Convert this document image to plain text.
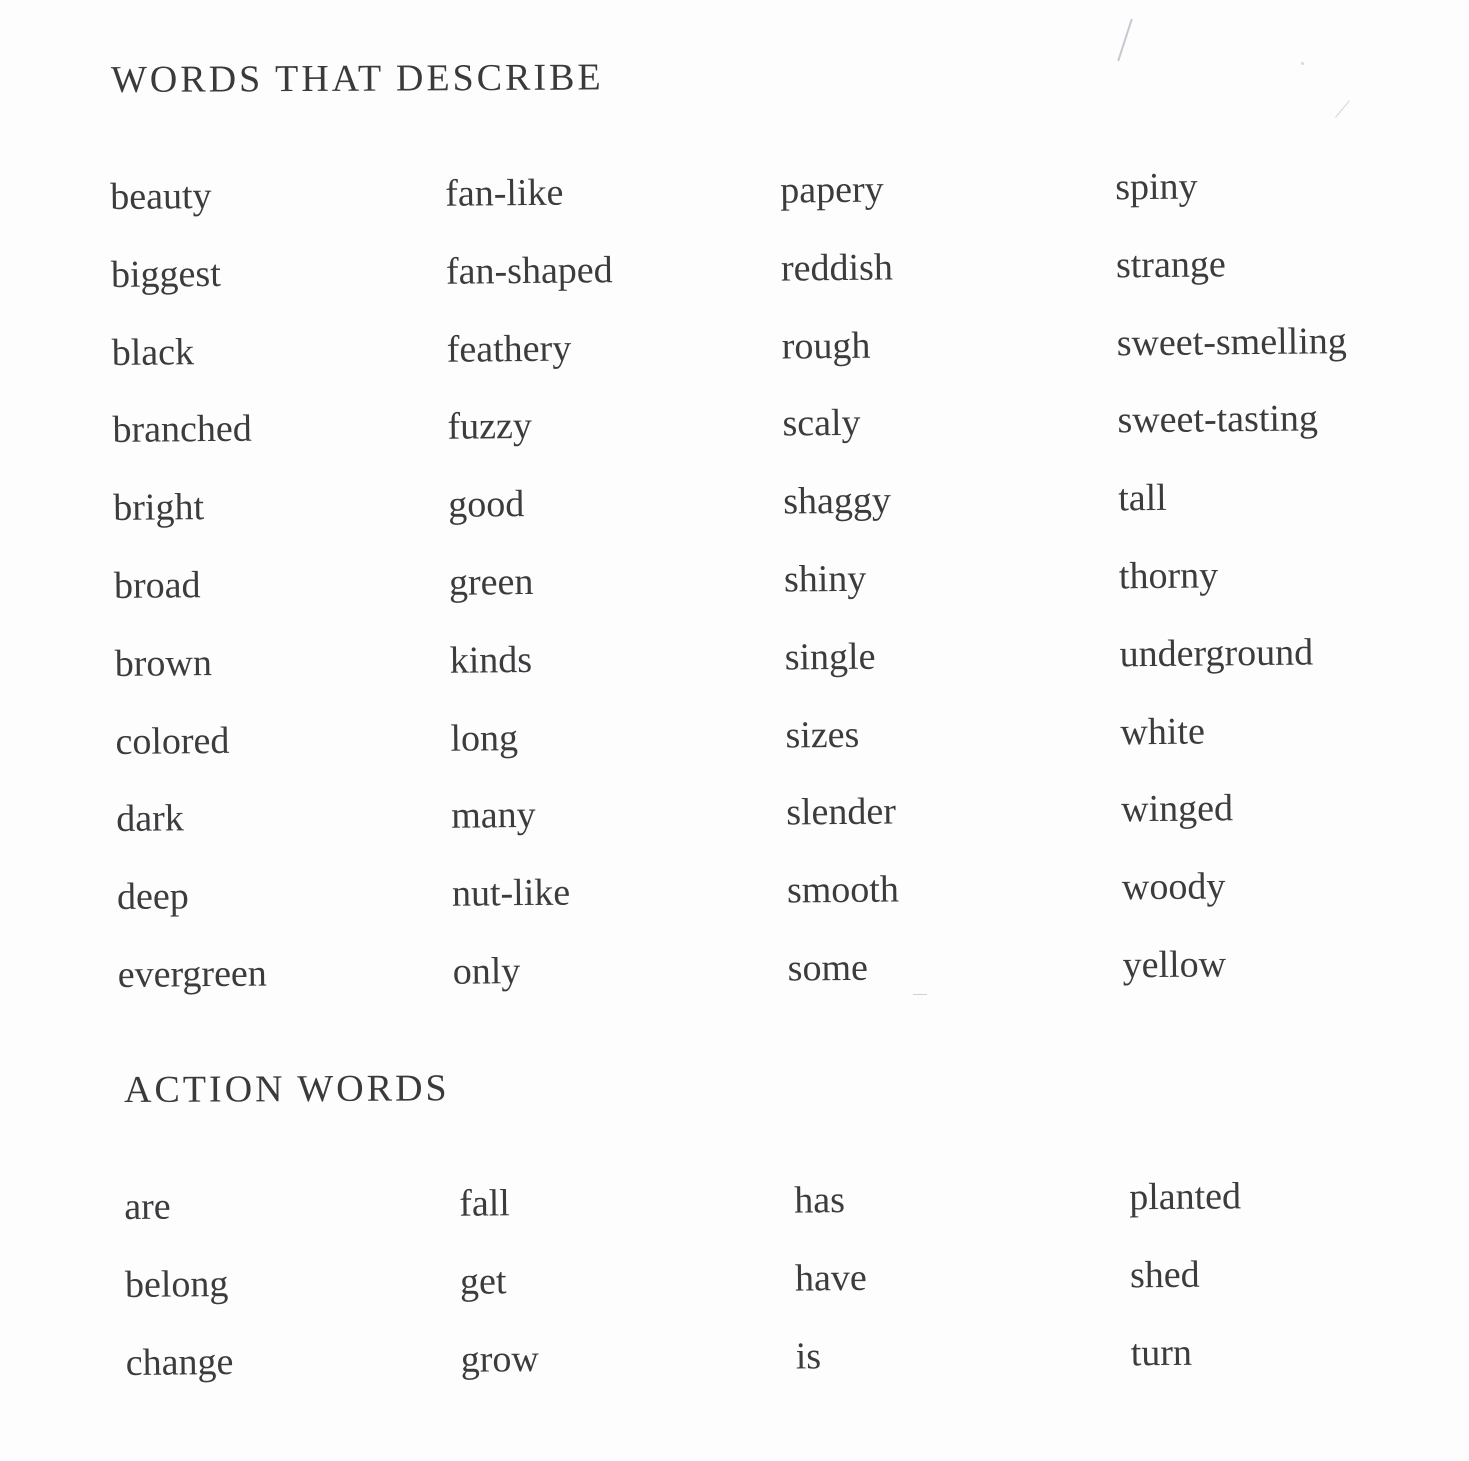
WORDS THAT DESCRIBE
beauty
biggest
black
branched
bright
broad
brown
colored
dark
deep
evergreen
fan-like
fan-shaped
feathery
fuzzy
good
green
kinds
long
many
nut-like
only
papery
reddish
rough
scaly
shaggy
shiny
single
sizes
slender
smooth
some
spiny
strange
sweet-smelling
sweet-tasting
tall
thorny
underground
white
winged
woody
yellow
ACTION WORDS
are
belong
change
fall
get
grow
has
have
is
planted
shed
turn
